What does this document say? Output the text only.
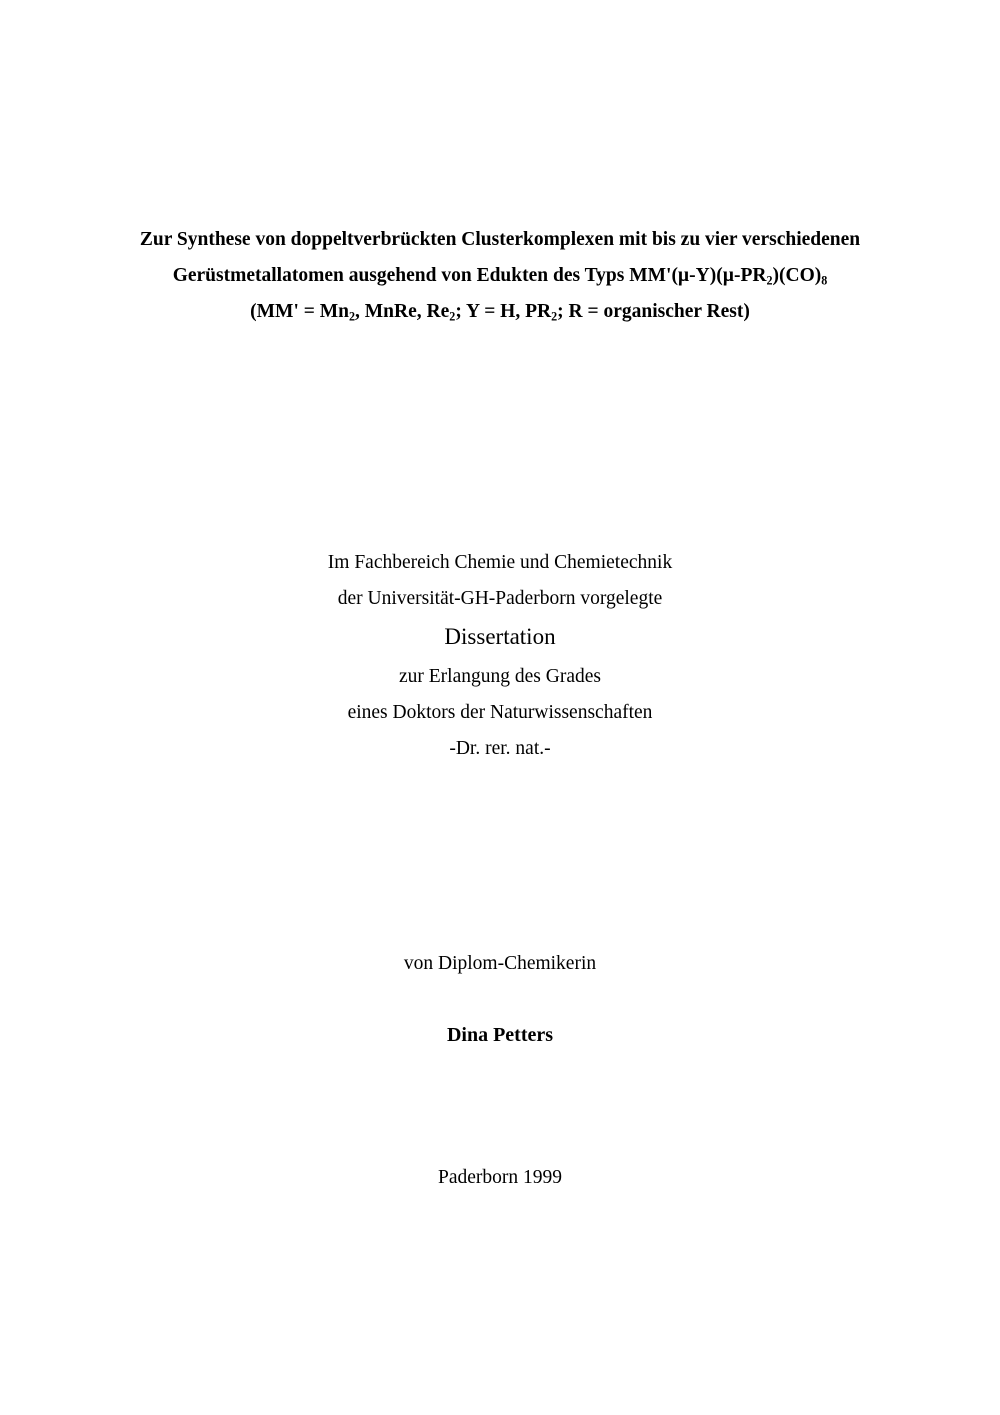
Zur Synthese von doppeltverbrückten Clusterkomplexen mit bis zu vier verschiedenen
Gerüstmetallatomen ausgehend von Edukten des Typs $MM'(\mu-Y)(\mu-PR_2)(CO)_8$
($MM' = Mn_2$, MnRe, $Re_2$; Y = H, $PR_2$; R = organischer Rest)
Im Fachbereich Chemie und Chemietechnik
der Universität-GH-Paderborn vorgelegte
Dissertation
zur Erlangung des Grades
eines Doktors der Naturwissenschaften
-Dr. rer. nat.-
von Diplom-Chemikerin
Dina Petters
Paderborn 1999
